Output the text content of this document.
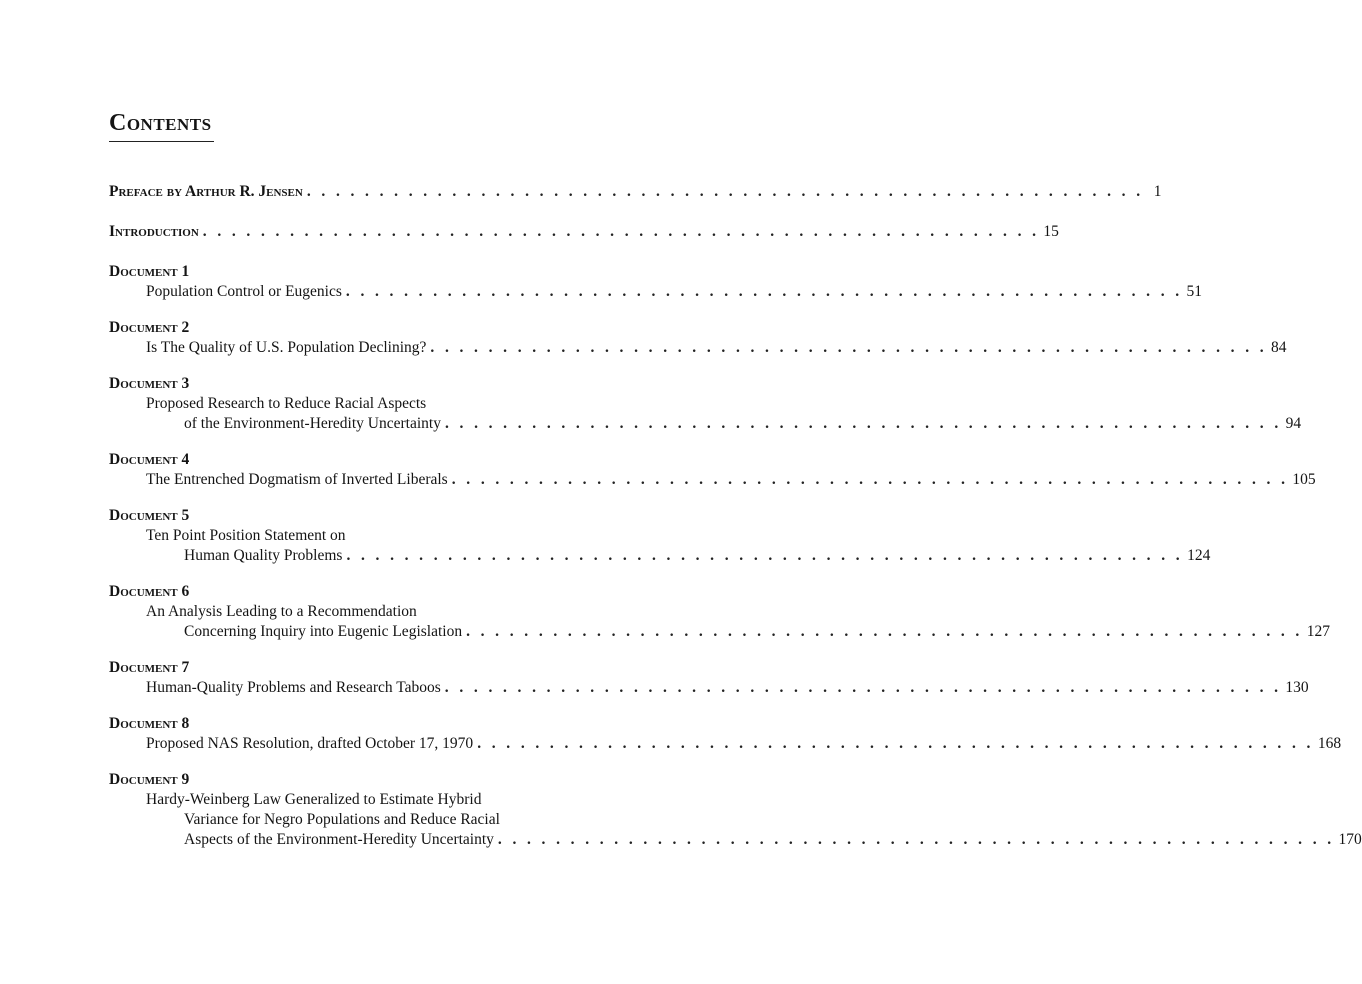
Contents
Preface by Arthur R. Jensen . . . . . . . . . . . . . . . . . . . . . . . . . . . . . . . . . . . . . . . . . . . . . . . . . . . . . . . . . . 1
Introduction . . . . . . . . . . . . . . . . . . . . . . . . . . . . . . . . . . . . . . . . . . . . . . . . . . . . . . . . . . 15
Document 1
Population Control or Eugenics . . . . . . . . . . . . . . . . . . . . . . . . . . . . . . . . . . . . . . . . . . . . . . . . . . . . . . . . . . 51
Document 2
Is The Quality of U.S. Population Declining? . . . . . . . . . . . . . . . . . . . . . . . . . . . . . . . . . . . . . . . . . . . . . . . . . . . . . . . . . . 84
Document 3
Proposed Research to Reduce Racial Aspects
of the Environment-Heredity Uncertainty . . . . . . . . . . . . . . . . . . . . . . . . . . . . . . . . . . . . . . . . . . . . . . . . . . . . . . . . . . 94
Document 4
The Entrenched Dogmatism of Inverted Liberals . . . . . . . . . . . . . . . . . . . . . . . . . . . . . . . . . . . . . . . . . . . . . . . . . . . . . . . . . . 105
Document 5
Ten Point Position Statement on
Human Quality Problems . . . . . . . . . . . . . . . . . . . . . . . . . . . . . . . . . . . . . . . . . . . . . . . . . . . . . . . . . . 124
Document 6
An Analysis Leading to a Recommendation
Concerning Inquiry into Eugenic Legislation . . . . . . . . . . . . . . . . . . . . . . . . . . . . . . . . . . . . . . . . . . . . . . . . . . . . . . . . . . 127
Document 7
Human-Quality Problems and Research Taboos . . . . . . . . . . . . . . . . . . . . . . . . . . . . . . . . . . . . . . . . . . . . . . . . . . . . . . . . . . 130
Document 8
Proposed NAS Resolution, drafted October 17, 1970 . . . . . . . . . . . . . . . . . . . . . . . . . . . . . . . . . . . . . . . . . . . . . . . . . . . . . . . . . . 168
Document 9
Hardy-Weinberg Law Generalized to Estimate Hybrid
Variance for Negro Populations and Reduce Racial
Aspects of the Environment-Heredity Uncertainty . . . . . . . . . . . . . . . . . . . . . . . . . . . . . . . . . . . . . . . . . . . . . . . . . . . . . . . . . . 170
